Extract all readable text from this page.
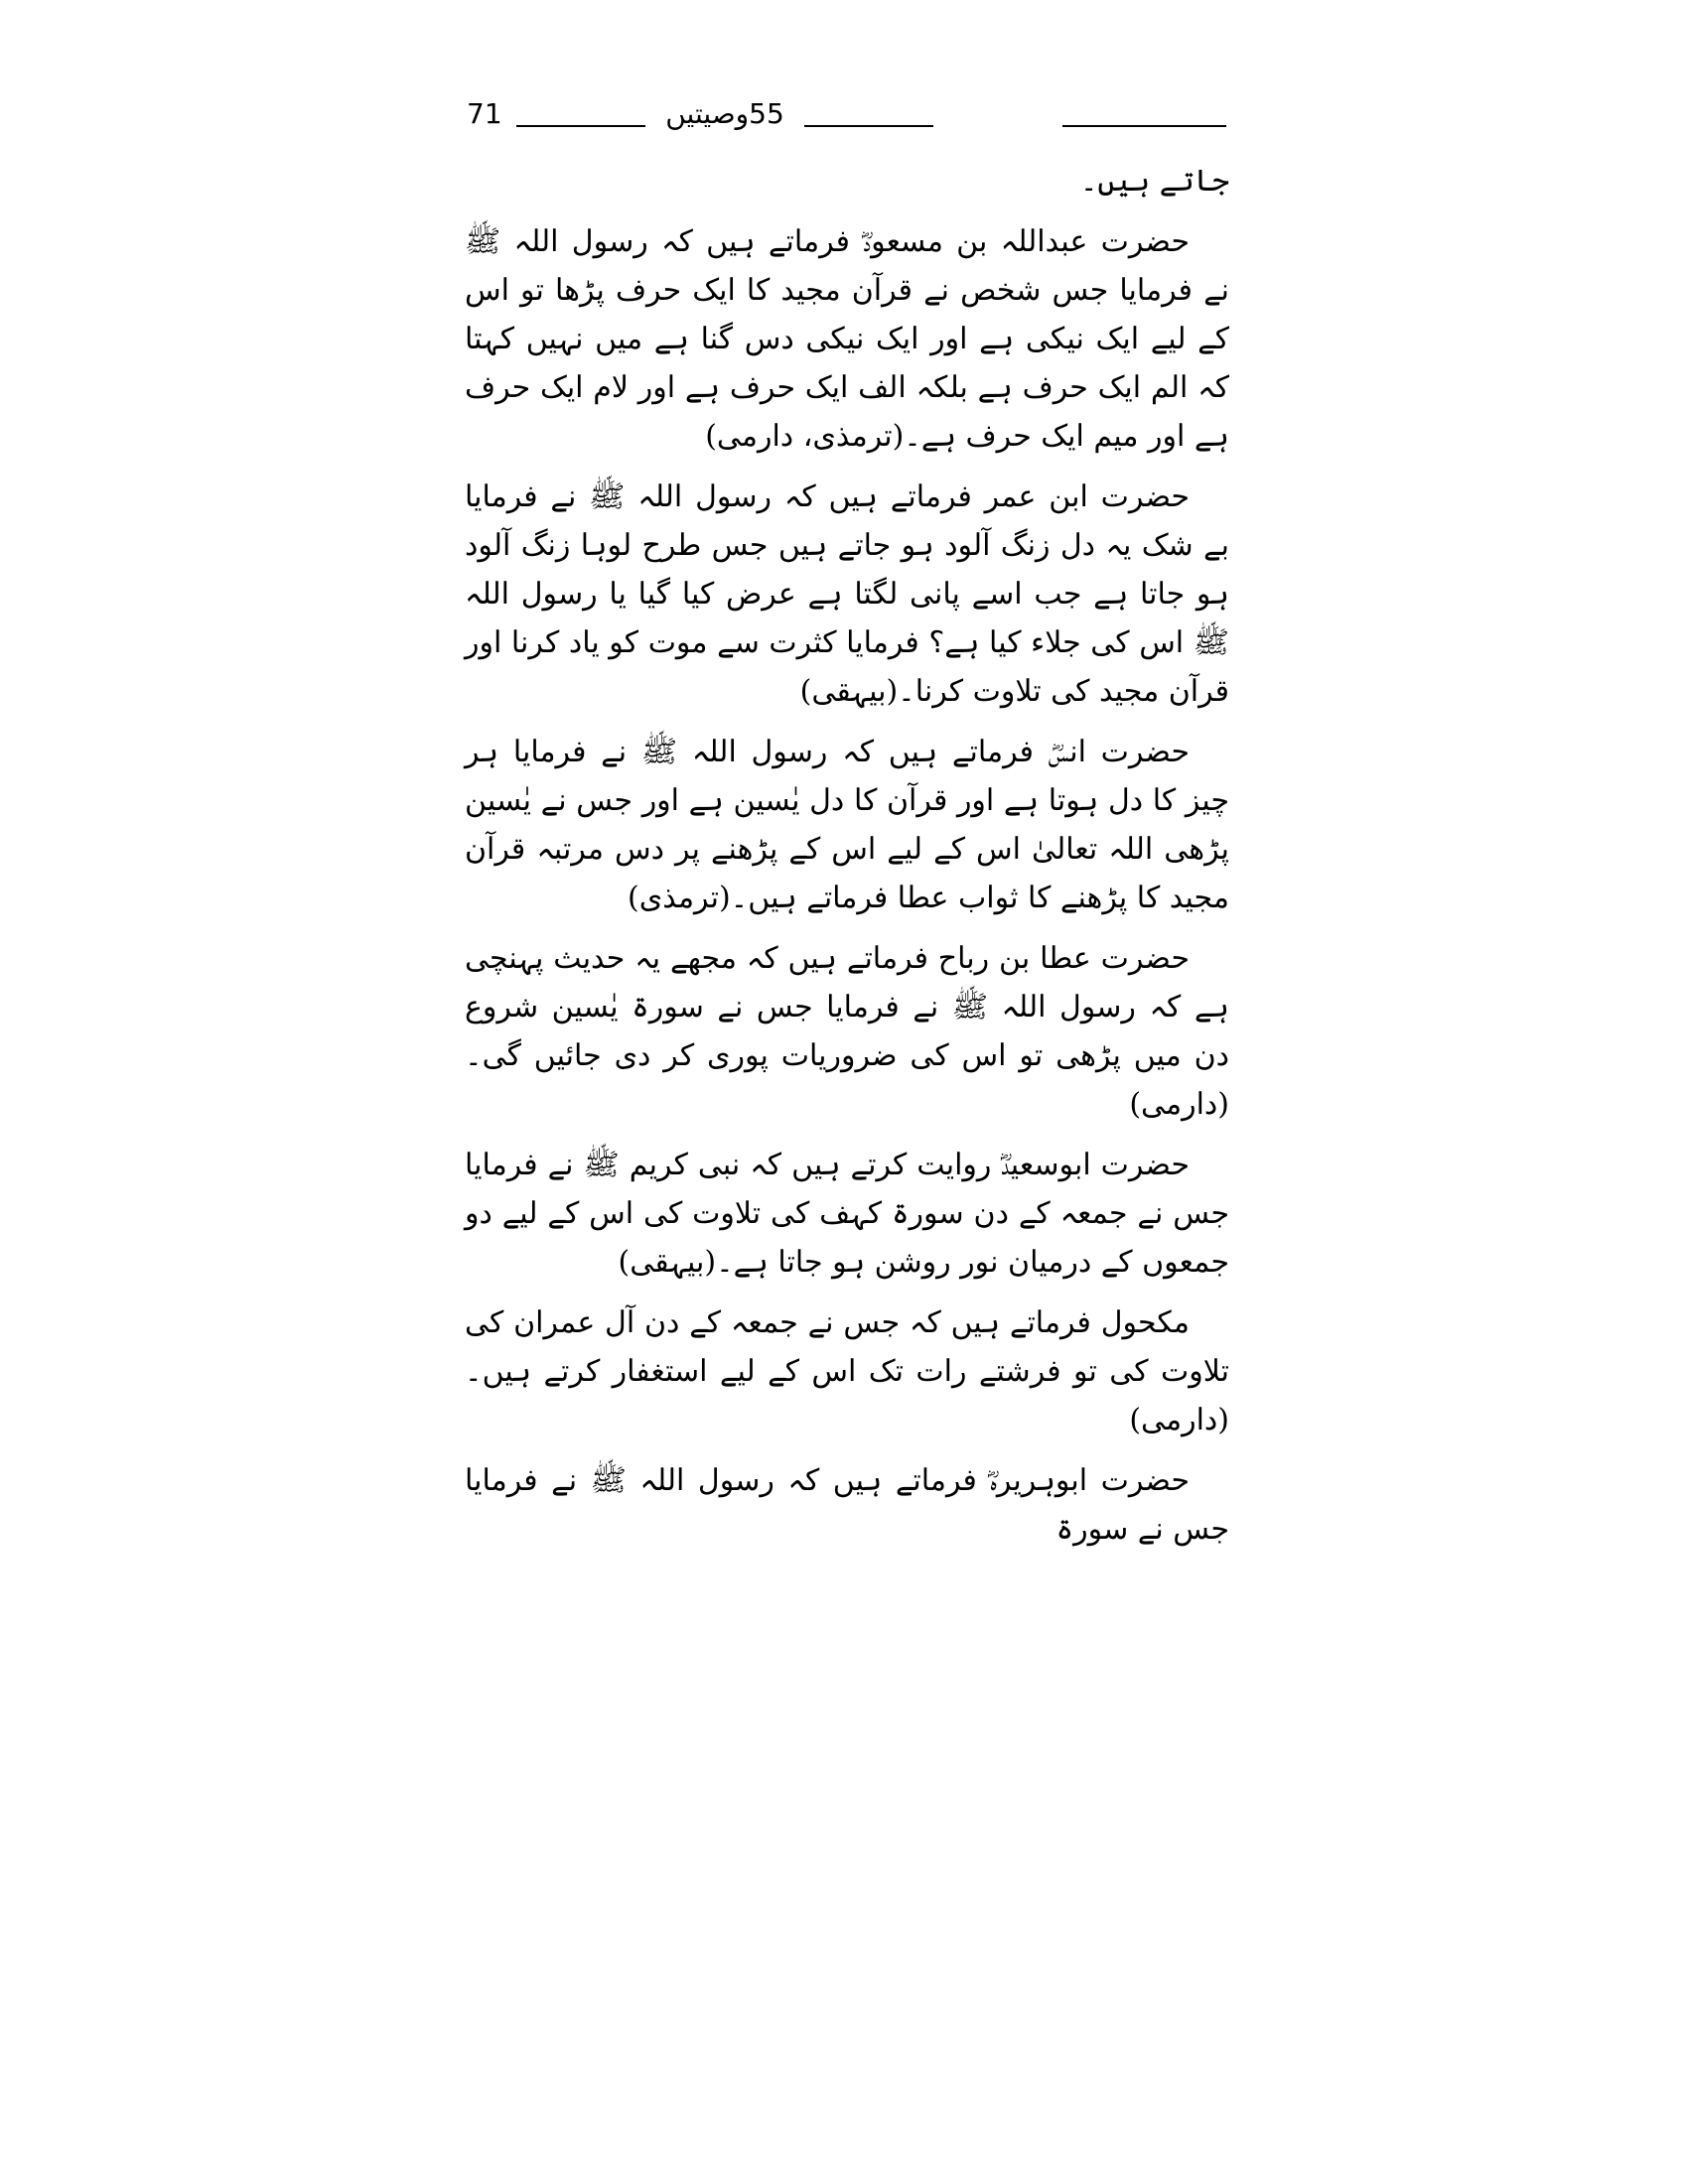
71	55وصیتیں

جاتے ہیں۔

حضرت عبداللہ بن مسعودؓ فرماتے ہیں کہ رسول اللہ ﷺ نے فرمایا جس شخص نے قرآن مجید کا ایک حرف پڑھا تو اس کے لیے ایک نیکی ہے اور ایک نیکی دس گنا ہے میں نہیں کہتا کہ الم ایک حرف ہے بلکہ الف ایک حرف ہے اور لام ایک حرف ہے اور میم ایک حرف ہے۔(ترمذی، دارمی)

حضرت ابن عمر فرماتے ہیں کہ رسول اللہ ﷺ نے فرمایا بے شک یہ دل زنگ آلود ہو جاتے ہیں جس طرح لوہا زنگ آلود ہو جاتا ہے جب اسے پانی لگتا ہے عرض کیا گیا یا رسول اللہ ﷺ اس کی جلاء کیا ہے؟ فرمایا کثرت سے موت کو یاد کرنا اور قرآن مجید کی تلاوت کرنا۔(بیہقی)

حضرت انسؓ فرماتے ہیں کہ رسول اللہ ﷺ نے فرمایا ہر چیز کا دل ہوتا ہے اور قرآن کا دل یٰسین ہے اور جس نے یٰسین پڑھی اللہ تعالیٰ اس کے لیے اس کے پڑھنے پر دس مرتبہ قرآن مجید کا پڑھنے کا ثواب عطا فرماتے ہیں۔(ترمذی)

حضرت عطا بن رباح فرماتے ہیں کہ مجھے یہ حدیث پہنچی ہے کہ رسول اللہ ﷺ نے فرمایا جس نے سورۃ یٰسین شروع دن میں پڑھی تو اس کی ضروریات پوری کر دی جائیں گی۔(دارمی)

حضرت ابوسعیدؓ روایت کرتے ہیں کہ نبی کریم ﷺ نے فرمایا جس نے جمعہ کے دن سورۃ کہف کی تلاوت کی اس کے لیے دو جمعوں کے درمیان نور روشن ہو جاتا ہے۔(بیہقی)

مکحول فرماتے ہیں کہ جس نے جمعہ کے دن آل عمران کی تلاوت کی تو فرشتے رات تک اس کے لیے استغفار کرتے ہیں۔(دارمی)

حضرت ابوہریرہؓ فرماتے ہیں کہ رسول اللہ ﷺ نے فرمایا جس نے سورۃ
